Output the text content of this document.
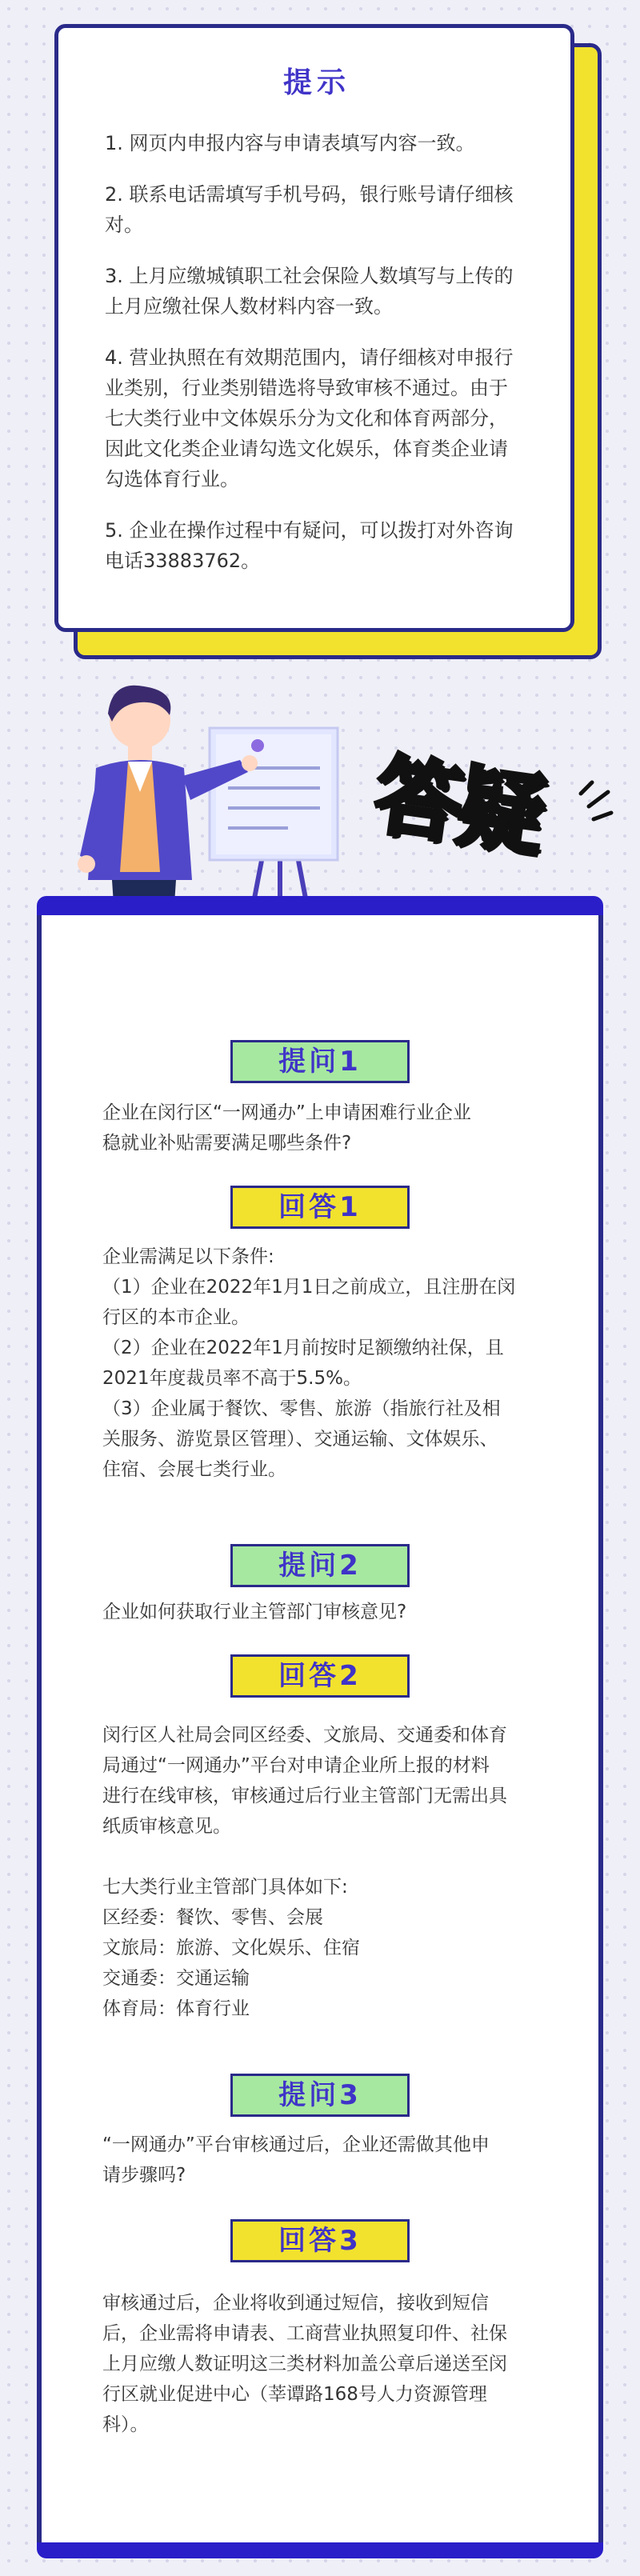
提示
1. 网页内申报内容与申请表填写内容一致。
2. 联系电话需填写手机号码，银行账号请仔细核
对。
3. 上月应缴城镇职工社会保险人数填写与上传的
上月应缴社保人数材料内容一致。
4. 营业执照在有效期范围内，请仔细核对申报行
业类别，行业类别错选将导致审核不通过。由于
七大类行业中文体娱乐分为文化和体育两部分，
因此文化类企业请勾选文化娱乐，体育类企业请
勾选体育行业。
5. 企业在操作过程中有疑问，可以拨打对外咨询
电话33883762。
答疑
提问1
企业在闵行区“一网通办”上申请困难行业企业
稳就业补贴需要满足哪些条件?
回答1
企业需满足以下条件:
（1）企业在2022年1月1日之前成立，且注册在闵
行区的本市企业。
（2）企业在2022年1月前按时足额缴纳社保，且
2021年度裁员率不高于5.5%。
（3）企业属于餐饮、零售、旅游（指旅行社及相
关服务、游览景区管理）、交通运输、文体娱乐、
住宿、会展七类行业。
提问2
企业如何获取行业主管部门审核意见?
回答2
闵行区人社局会同区经委、文旅局、交通委和体育
局通过“一网通办”平台对申请企业所上报的材料
进行在线审核，审核通过后行业主管部门无需出具
纸质审核意见。

七大类行业主管部门具体如下:
区经委：餐饮、零售、会展
文旅局：旅游、文化娱乐、住宿
交通委：交通运输
体育局：体育行业
提问3
“一网通办”平台审核通过后，企业还需做其他申
请步骤吗?
回答3
审核通过后，企业将收到通过短信，接收到短信
后，企业需将申请表、工商营业执照复印件、社保
上月应缴人数证明这三类材料加盖公章后递送至闵
行区就业促进中心（莘谭路168号人力资源管理
科）。
